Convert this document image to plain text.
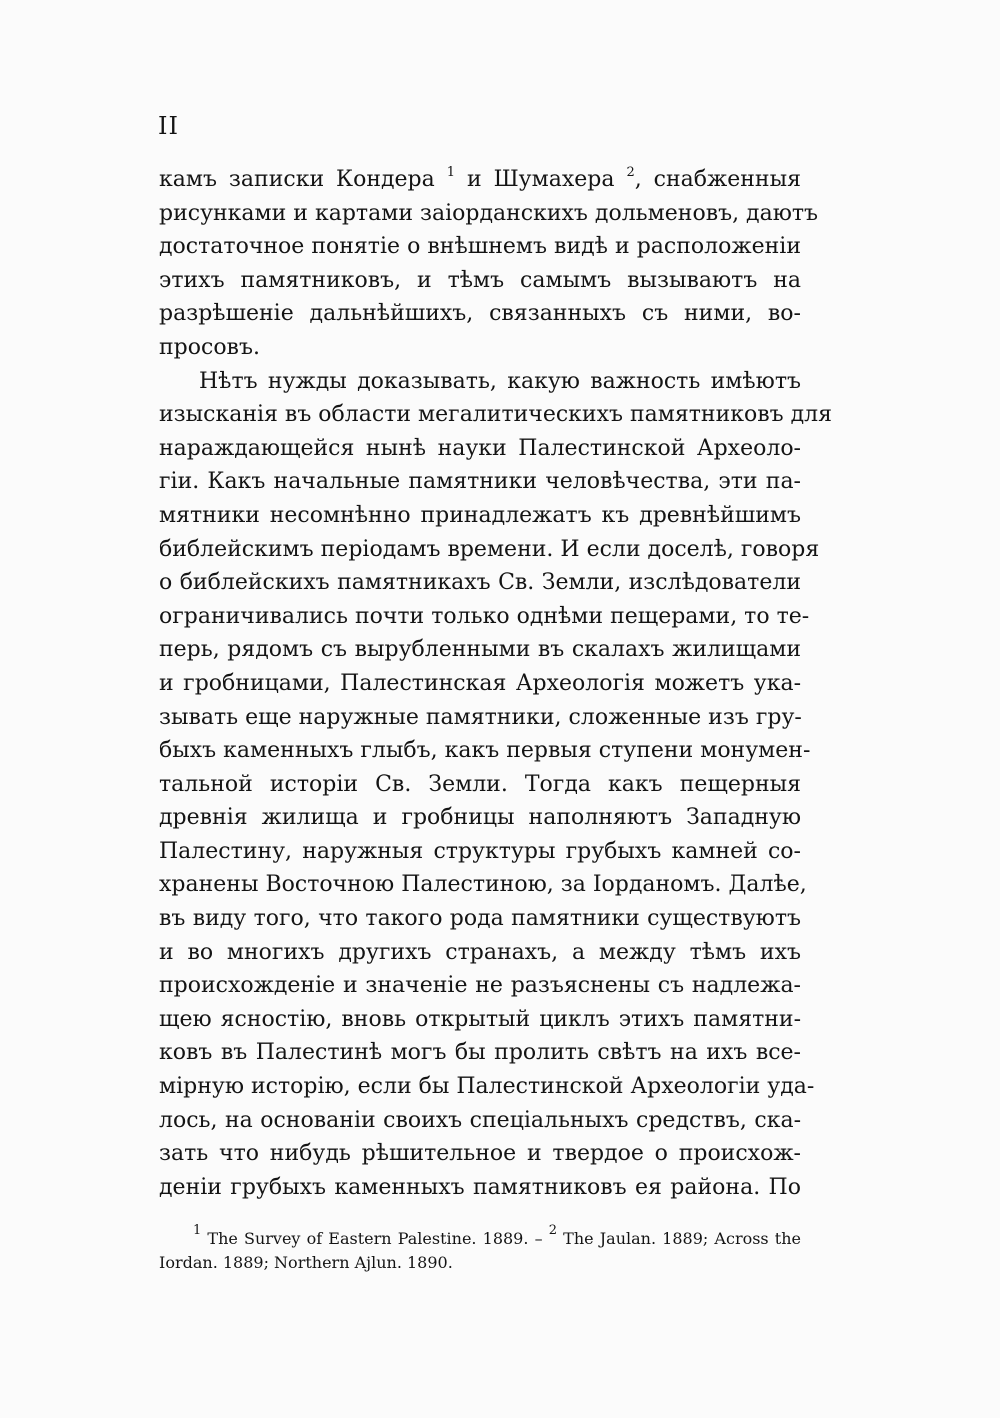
II
камъ записки Кондера $^1$ и Шумахера $^2$, снабженныя
рисунками и картами заiорданскихъ дольменовъ, даютъ
достаточное понятiе о внѣшнемъ видѣ и расположенiи
этихъ памятниковъ, и тѣмъ самымъ вызываютъ на
разрѣшенiе дальнѣйшихъ, связанныхъ съ ними, во-
просовъ.
Нѣтъ нужды доказывать, какую важность имѣютъ
изысканiя въ области мегалитическихъ памятниковъ для
нараждающейся нынѣ науки Палестинской Археоло-
гiи. Какъ начальные памятники человѣчества, эти па-
мятники несомнѣнно принадлежатъ къ древнѣйшимъ
библейскимъ перiодамъ времени. И если доселѣ, говоря
о библейскихъ памятникахъ Св. Земли, изслѣдователи
ограничивались почти только однѣми пещерами, то те-
перь, рядомъ съ вырубленными въ скалахъ жилищами
и гробницами, Палестинская Археологiя можетъ ука-
зывать еще наружные памятники, сложенные изъ гру-
быхъ каменныхъ глыбъ, какъ первыя ступени монумен-
тальной исторiи Св. Земли. Тогда какъ пещерныя
древнiя жилища и гробницы наполняютъ Западную
Палестину, наружныя структуры грубыхъ камней со-
хранены Восточною Палестиною, за Iорданомъ. Далѣе,
въ виду того, что такого рода памятники существуютъ
и во многихъ другихъ странахъ, а между тѣмъ ихъ
происхожденiе и значенiе не разъяснены съ надлежа-
щею ясностiю, вновь открытый циклъ этихъ памятни-
ковъ въ Палестинѣ могъ бы пролить свѣтъ на ихъ все-
мiрную исторiю, если бы Палестинской Археологiи уда-
лось, на основанiи своихъ спецiальныхъ средствъ, ска-
зать что нибудь рѣшительное и твердое о происхож-
денiи грубыхъ каменныхъ памятниковъ ея района. По
$^1$ The Survey of Eastern Palestine. 1889. – $^2$ The Jaulan. 1889; Across the
Iordan. 1889; Northern Ajlun. 1890.
